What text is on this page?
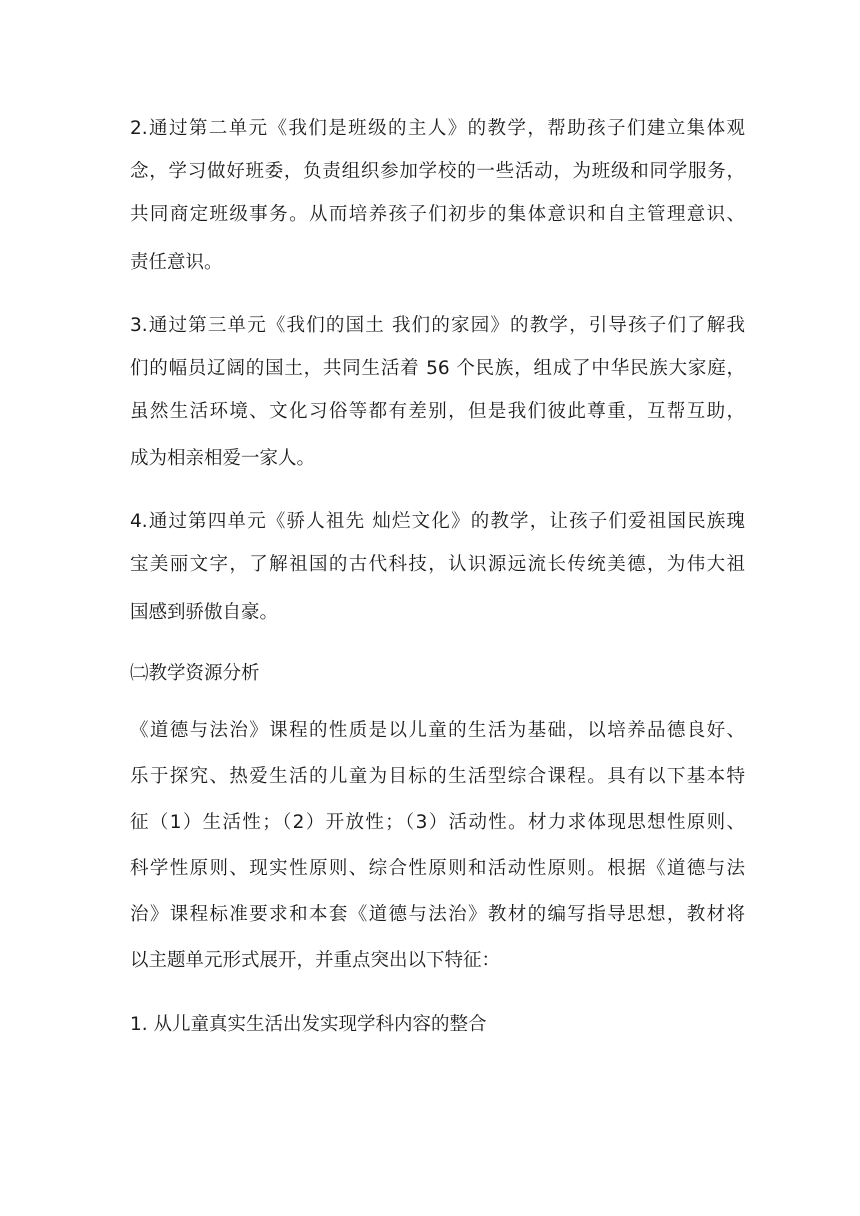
2.通过第二单元《我们是班级的主人》的教学，帮助孩子们建立集体观
念，学习做好班委，负责组织参加学校的一些活动，为班级和同学服务，
共同商定班级事务。从而培养孩子们初步的集体意识和自主管理意识、
责任意识。
3.通过第三单元《我们的国土 我们的家园》的教学，引导孩子们了解我
们的幅员辽阔的国土，共同生活着 56 个民族，组成了中华民族大家庭，
虽然生活环境、文化习俗等都有差别，但是我们彼此尊重，互帮互助，
成为相亲相爱一家人。
4.通过第四单元《骄人祖先 灿烂文化》的教学，让孩子们爱祖国民族瑰
宝美丽文字，了解祖国的古代科技，认识源远流长传统美德，为伟大祖
国感到骄傲自豪。
㈡教学资源分析
《道德与法治》课程的性质是以儿童的生活为基础，以培养品德良好、
乐于探究、热爱生活的儿童为目标的生活型综合课程。具有以下基本特
征（1）生活性；（2）开放性；（3）活动性。材力求体现思想性原则、
科学性原则、现实性原则、综合性原则和活动性原则。根据《道德与法
治》课程标准要求和本套《道德与法治》教材的编写指导思想，教材将
以主题单元形式展开，并重点突出以下特征：
1. 从儿童真实生活出发实现学科内容的整合
